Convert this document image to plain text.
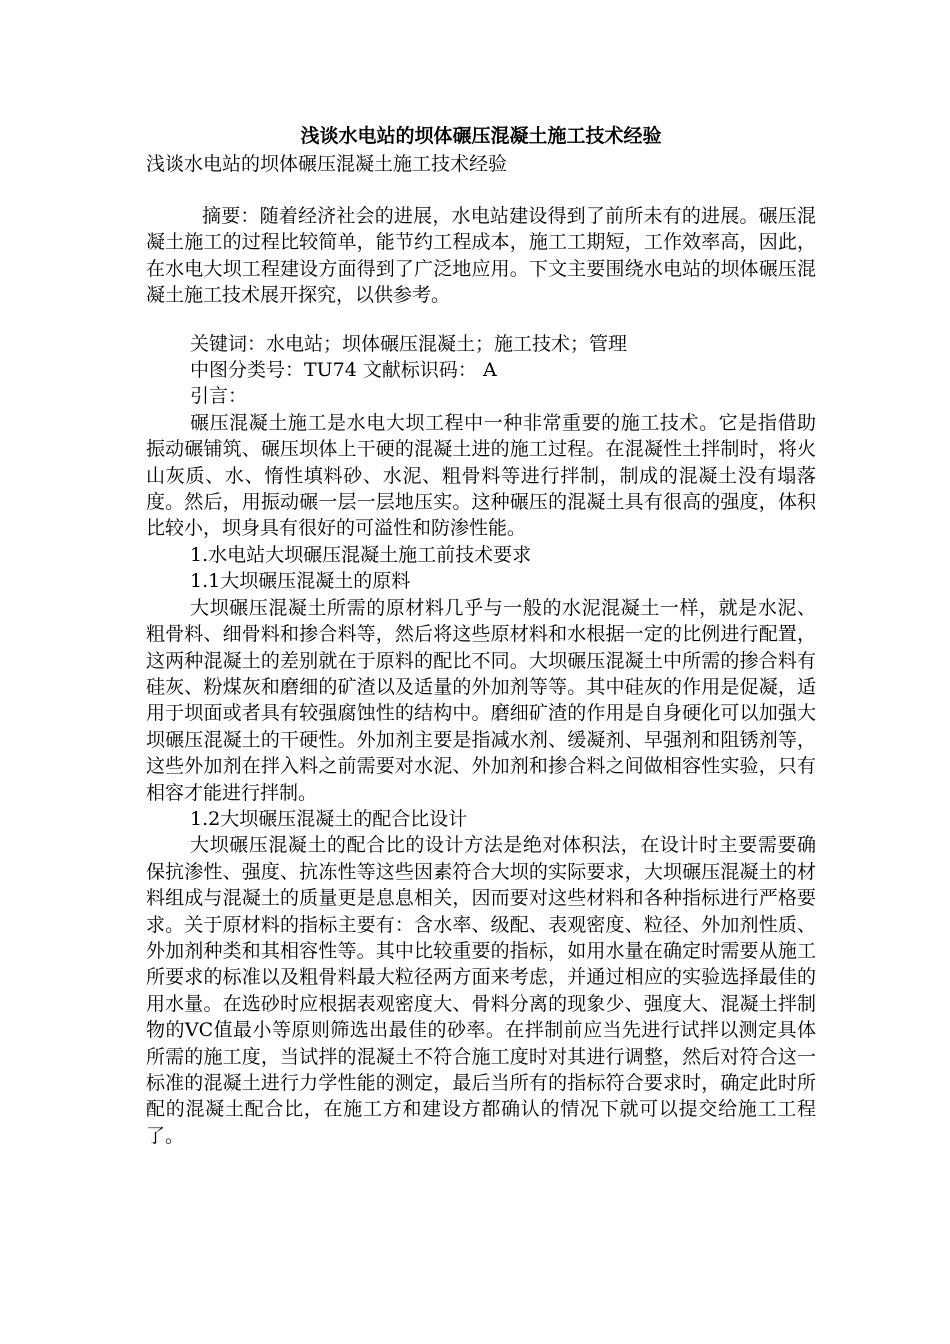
浅谈水电站的坝体碾压混凝土施工技术经验

浅谈水电站的坝体碾压混凝土施工技术经验

摘要：随着经济社会的进展，水电站建设得到了前所未有的进展。碾压混凝土施工的过程比较简单，能节约工程成本，施工工期短，工作效率高，因此，在水电大坝工程建设方面得到了广泛地应用。下文主要围绕水电站的坝体碾压混凝土施工技术展开探究，以供参考。

关键词：水电站；坝体碾压混凝土；施工技术；管理

中图分类号：TU74 文献标识码： A

引言：

碾压混凝土施工是水电大坝工程中一种非常重要的施工技术。它是指借助振动碾铺筑、碾压坝体上干硬的混凝土进的施工过程。在混凝性土拌制时，将火山灰质、水、惰性填料砂、水泥、粗骨料等进行拌制，制成的混凝土没有塌落度。然后，用振动碾一层一层地压实。这种碾压的混凝土具有很高的强度，体积比较小，坝身具有很好的可溢性和防渗性能。

1.水电站大坝碾压混凝土施工前技术要求

1.1大坝碾压混凝土的原料

大坝碾压混凝土所需的原材料几乎与一般的水泥混凝土一样，就是水泥、粗骨料、细骨料和掺合料等，然后将这些原材料和水根据一定的比例进行配置，这两种混凝土的差别就在于原料的配比不同。大坝碾压混凝土中所需的掺合料有硅灰、粉煤灰和磨细的矿渣以及适量的外加剂等等。其中硅灰的作用是促凝，适用于坝面或者具有较强腐蚀性的结构中。磨细矿渣的作用是自身硬化可以加强大坝碾压混凝土的干硬性。外加剂主要是指减水剂、缓凝剂、早强剂和阻锈剂等，这些外加剂在拌入料之前需要对水泥、外加剂和掺合料之间做相容性实验，只有相容才能进行拌制。

1.2大坝碾压混凝土的配合比设计

大坝碾压混凝土的配合比的设计方法是绝对体积法，在设计时主要需要确保抗渗性、强度、抗冻性等这些因素符合大坝的实际要求，大坝碾压混凝土的材料组成与混凝土的质量更是息息相关，因而要对这些材料和各种指标进行严格要求。关于原材料的指标主要有：含水率、级配、表观密度、粒径、外加剂性质、外加剂种类和其相容性等。其中比较重要的指标，如用水量在确定时需要从施工所要求的标准以及粗骨料最大粒径两方面来考虑，并通过相应的实验选择最佳的用水量。在选砂时应根据表观密度大、骨料分离的现象少、强度大、混凝土拌制物的VC值最小等原则筛选出最佳的砂率。在拌制前应当先进行试拌以测定具体所需的施工度，当试拌的混凝土不符合施工度时对其进行调整，然后对符合这一标准的混凝土进行力学性能的测定，最后当所有的指标符合要求时，确定此时所配的混凝土配合比，在施工方和建设方都确认的情况下就可以提交给施工工程了。
